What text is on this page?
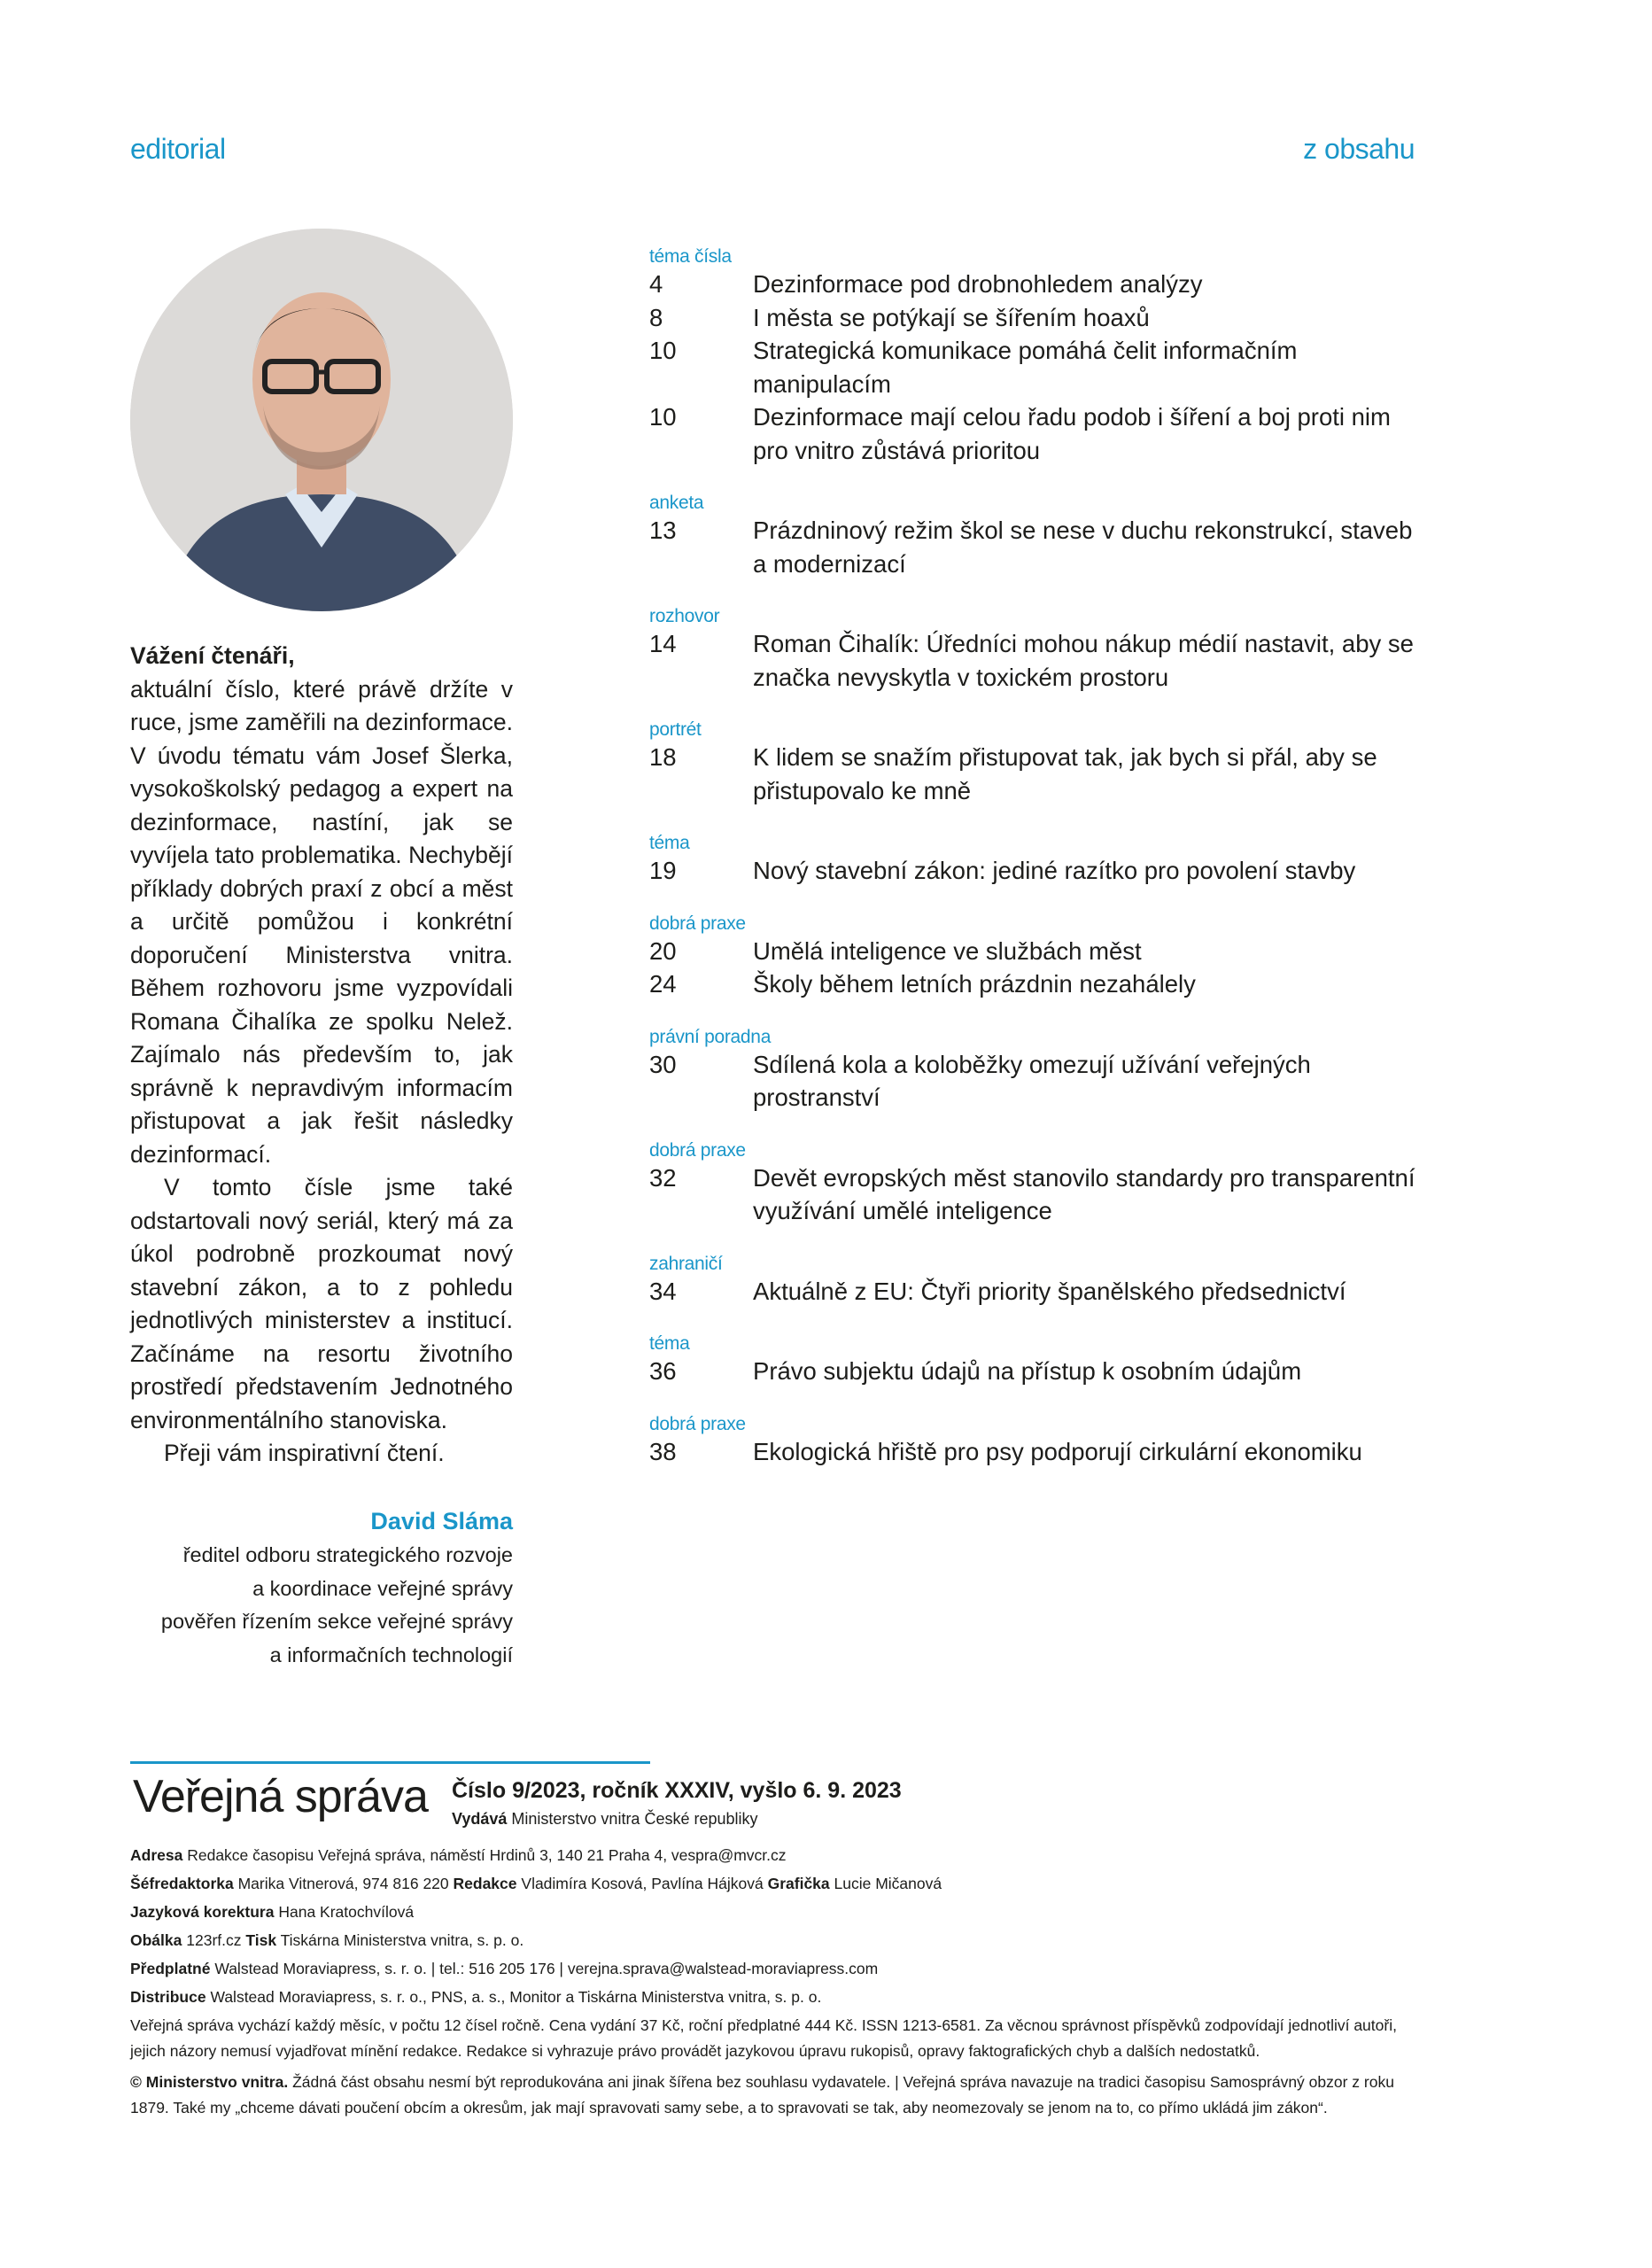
editorial	z obsahu

Vážení čtenáři,

aktuální číslo, které právě držíte v ruce, jsme zaměřili na dezinformace. V úvodu tématu vám Josef Šlerka, vysokoškolský pedagog a expert na dezinformace, nastíní, jak se vyvíjela tato problematika. Nechybějí příklady dobrých praxí z obcí a měst a určitě pomůžou i konkrétní doporučení Ministerstva vnitra. Během rozhovoru jsme vyzpovídali Romana Čihalíka ze spolku Nelež. Zajímalo nás především to, jak správně k nepravdivým informacím přistupovat a jak řešit následky dezinformací.

V tomto čísle jsme také odstartovali nový seriál, který má za úkol podrobně prozkoumat nový stavební zákon, a to z pohledu jednotlivých ministerstev a institucí. Začínáme na resortu životního prostředí představením Jednotného environmentálního stanoviska.

Přeji vám inspirativní čtení.

David Sláma
ředitel odboru strategického rozvoje
a koordinace veřejné správy
pověřen řízením sekce veřejné správy
a informačních technologií
téma čísla
4	Dezinformace pod drobnohledem analýzy
8	I města se potýkají se šířením hoaxů
10	Strategická komunikace pomáhá čelit informačním manipulacím
10	Dezinformace mají celou řadu podob i šíření a boj proti nim pro vnitro zůstává prioritou
anketa
13	Prázdninový režim škol se nese v duchu rekonstrukcí, staveb a modernizací
rozhovor
14	Roman Čihalík: Úředníci mohou nákup médií nastavit, aby se značka nevyskytla v toxickém prostoru
portrét
18	K lidem se snažím přistupovat tak, jak bych si přál, aby se přistupovalo ke mně
téma
19	Nový stavební zákon: jediné razítko pro povolení stavby
dobrá praxe
20	Umělá inteligence ve službách měst
24	Školy během letních prázdnin nezahálely
právní poradna
30	Sdílená kola a koloběžky omezují užívání veřejných prostranství
dobrá praxe
32	Devět evropských měst stanovilo standardy pro transparentní využívání umělé inteligence
zahraničí
34	Aktuálně z EU: Čtyři priority španělského předsednictví
téma
36	Právo subjektu údajů na přístup k osobním údajům
dobrá praxe
38	Ekologická hřiště pro psy podporují cirkulární ekonomiku
Veřejná správa Číslo 9/2023, ročník XXXIV, vyšlo 6. 9. 2023
Vydává Ministerstvo vnitra České republiky
Adresa Redakce časopisu Veřejná správa, náměstí Hrdinů 3, 140 21 Praha 4, vespra@mvcr.cz
Šéfredaktorka Marika Vitnerová, 974 816 220 Redakce Vladimíra Kosová, Pavlína Hájková Grafička Lucie Mičanová
Jazyková korektura Hana Kratochvílová
Obálka 123rf.cz Tisk Tiskárna Ministerstva vnitra, s. p. o.
Předplatné Walstead Moraviapress, s. r. o. | tel.: 516 205 176 | verejna.sprava@walstead-moraviapress.com
Distribuce Walstead Moraviapress, s. r. o., PNS, a. s., Monitor a Tiskárna Ministerstva vnitra, s. p. o.
Veřejná správa vychází každý měsíc, v počtu 12 čísel ročně. Cena vydání 37 Kč, roční předplatné 444 Kč. ISSN 1213-6581. Za věcnou správnost příspěvků zodpovídají jednotliví autoři, jejich názory nemusí vyjadřovat mínění redakce. Redakce si vyhrazuje právo provádět jazykovou úpravu rukopisů, opravy faktografických chyb a dalších nedostatků.
© Ministerstvo vnitra. Žádná část obsahu nesmí být reprodukována ani jinak šířena bez souhlasu vydavatele. | Veřejná správa navazuje na tradici časopisu Samosprávný obzor z roku 1879. Také my „chceme dávati poučení obcím a okresům, jak mají spravovati samy sebe, a to spravovati se tak, aby neomezovaly se jenom na to, co přímo ukládá jim zákon“.
